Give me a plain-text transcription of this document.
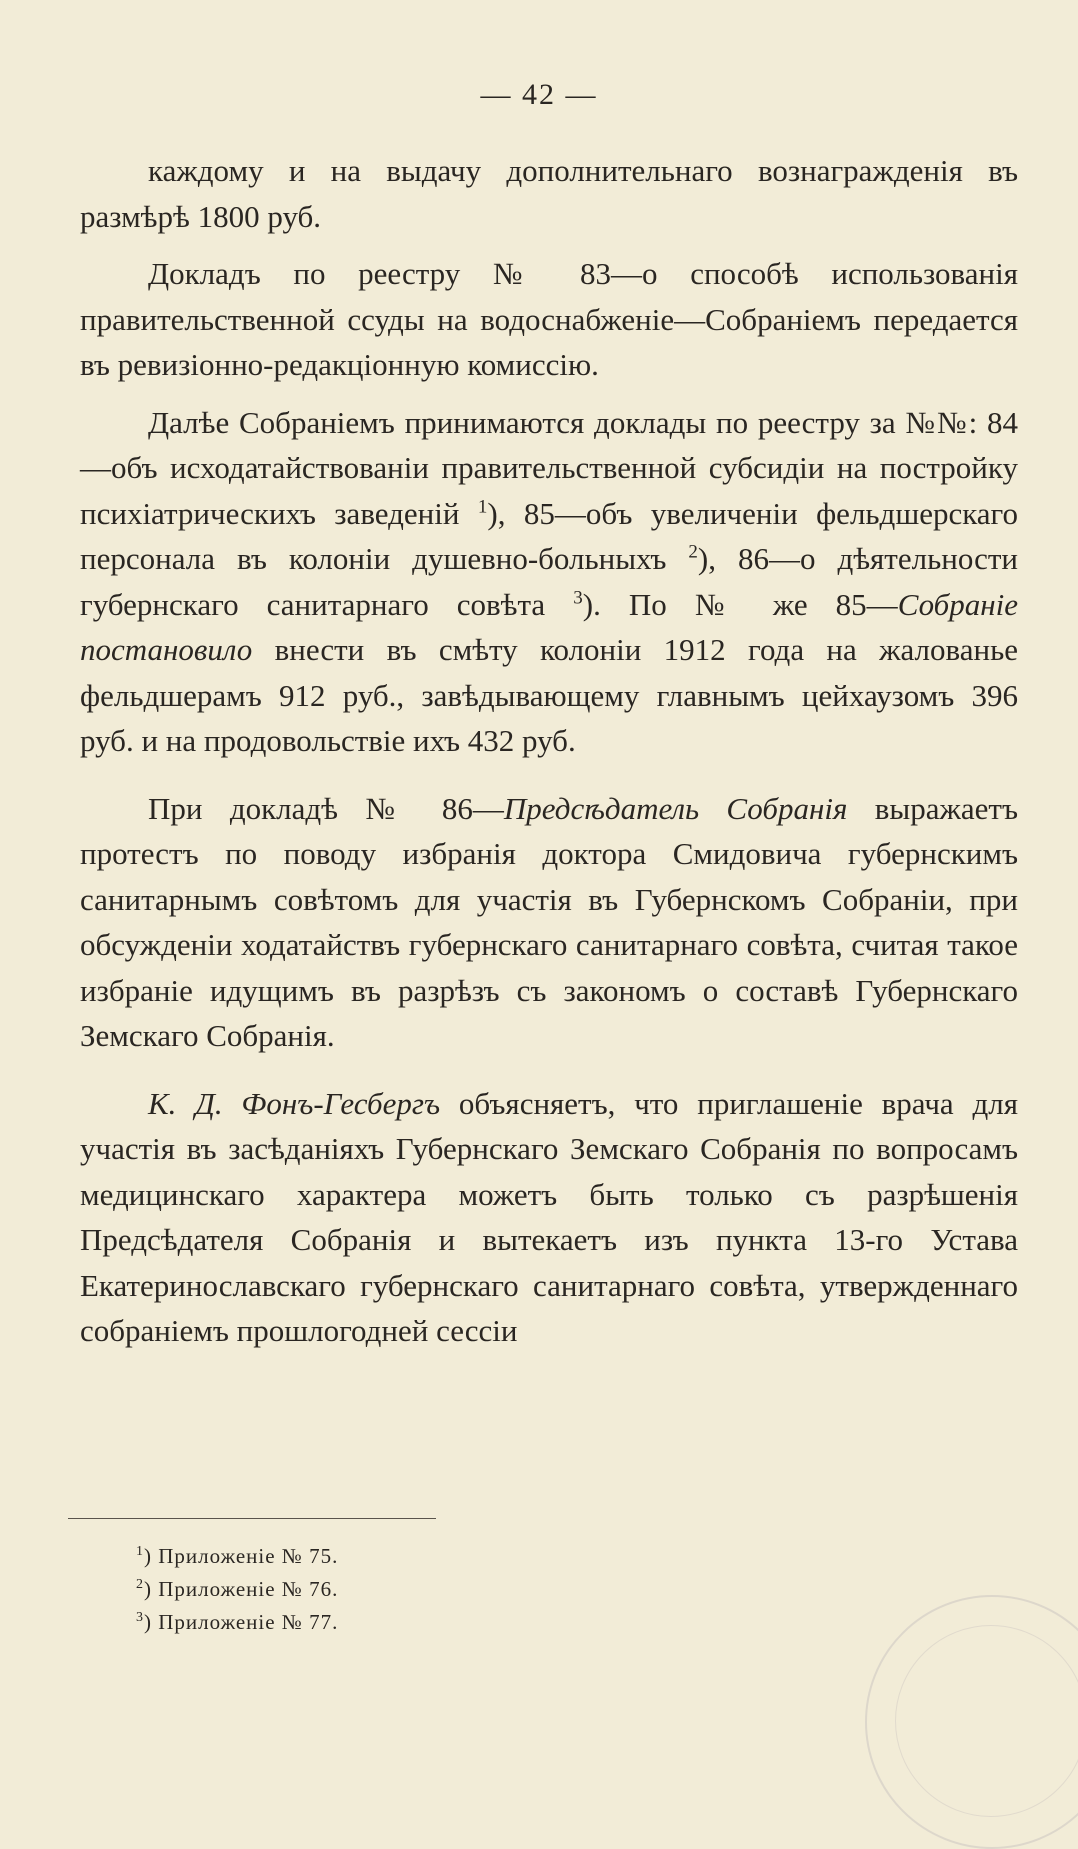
— 42 —

каждому и на выдачу дополнительнаго вознагражденія въ размѣрѣ 1800 руб.

Докладъ по реестру № 83—о способѣ использованія правительственной ссуды на водоснабженіе—Собраніемъ передается въ ревизіонно-редакціонную комиссію.

Далѣе Собраніемъ принимаются доклады по реестру за №№: 84—объ исходатайствованіи правительственной субсидіи на постройку психіатрическихъ заведеній $^1$), 85—объ увеличеніи фельдшерскаго персонала въ колоніи душевно-больныхъ $^2$), 86—о дѣятельности губернскаго санитарнаго совѣта $^3$). По № же 85—Собраніе постановило внести въ смѣту колоніи 1912 года на жалованье фельдшерамъ 912 руб., завѣдывающему главнымъ цейхаузомъ 396 руб. и на продовольствіе ихъ 432 руб.

При докладѣ № 86—Предсѣдатель Собранія выражаетъ протестъ по поводу избранія доктора Смидовича губернскимъ санитарнымъ совѣтомъ для участія въ Губернскомъ Собраніи, при обсужденіи ходатайствъ губернскаго санитарнаго совѣта, считая такое избраніе идущимъ въ разрѣзъ съ закономъ о составѣ Губернскаго Земскаго Собранія.

К. Д. Фонъ-Гесбергъ объясняетъ, что приглашеніе врача для участія въ засѣданіяхъ Губернскаго Земскаго Собранія по вопросамъ медицинскаго характера можетъ быть только съ разрѣшенія Предсѣдателя Собранія и вытекаетъ изъ пункта 13-го Устава Екатеринославскаго губернскаго санитарнаго совѣта, утвержденнаго собраніемъ прошлогодней сессіи

$^1$) Приложеніе № 75.
$^2$) Приложеніе № 76.
$^3$) Приложеніе № 77.
